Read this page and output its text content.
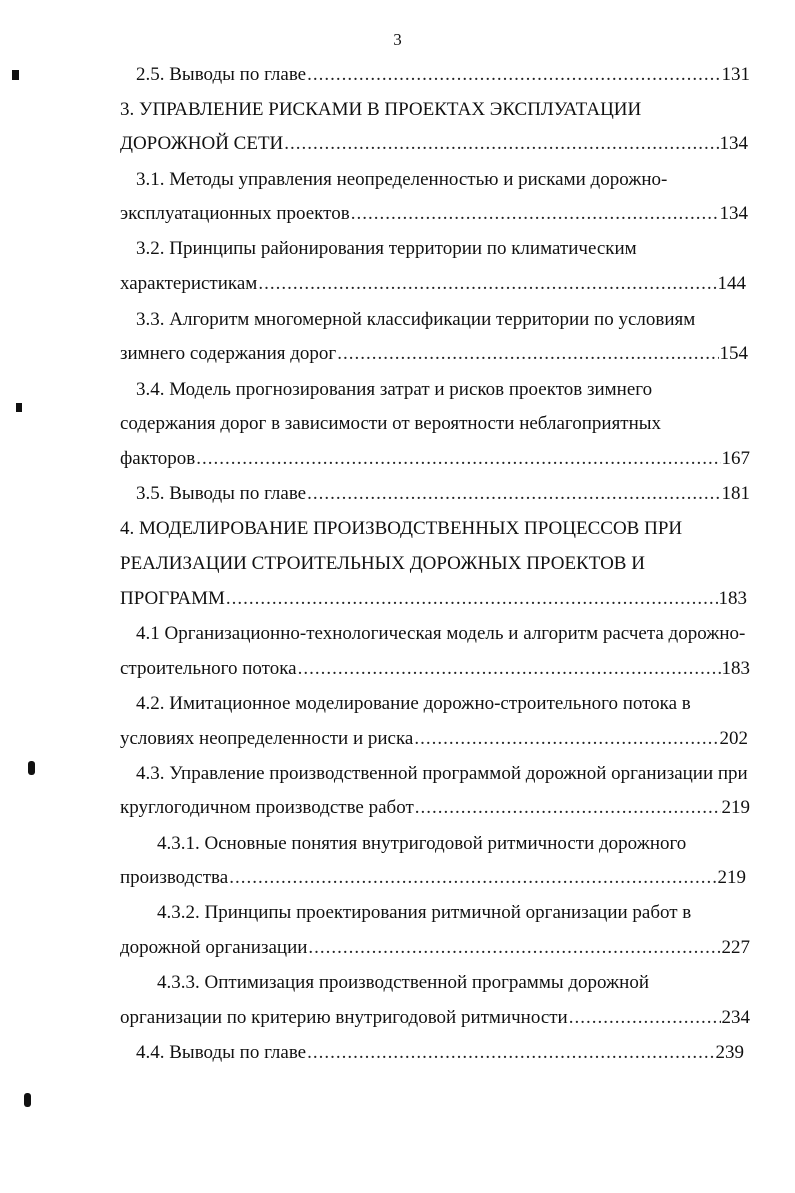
3
2.5. Выводы по главе .....	131
3. УПРАВЛЕНИЕ РИСКАМИ В ПРОЕКТАХ ЭКСПЛУАТАЦИИ
ДОРОЖНОЙ СЕТИ .....	134
3.1. Методы управления неопределенностью и рисками дорожно-
эксплуатационных проектов .....	134
3.2. Принципы районирования территории по климатическим
характеристикам .....	144
3.3. Алгоритм многомерной классификации территории по условиям
зимнего содержания дорог .....	154
3.4. Модель прогнозирования затрат и рисков проектов зимнего
содержания дорог в зависимости от вероятности неблагоприятных
факторов .....	167
3.5. Выводы по главе .....	181
4. МОДЕЛИРОВАНИЕ ПРОИЗВОДСТВЕННЫХ ПРОЦЕССОВ ПРИ
РЕАЛИЗАЦИИ СТРОИТЕЛЬНЫХ ДОРОЖНЫХ ПРОЕКТОВ И
ПРОГРАММ .....	183
4.1 Организационно-технологическая модель и алгоритм расчета дорожно-
строительного потока .....	183
4.2. Имитационное моделирование дорожно-строительного потока в
условиях неопределенности и риска .....	202
4.3. Управление производственной программой дорожной организации при
круглогодичном производстве работ .....	219
4.3.1. Основные понятия внутригодовой ритмичности дорожного
производства .....	219
4.3.2. Принципы проектирования ритмичной организации работ в
дорожной организации .....	227
4.3.3. Оптимизация производственной программы дорожной
организации по критерию внутригодовой ритмичности .....	234
4.4. Выводы по главе .....	239
